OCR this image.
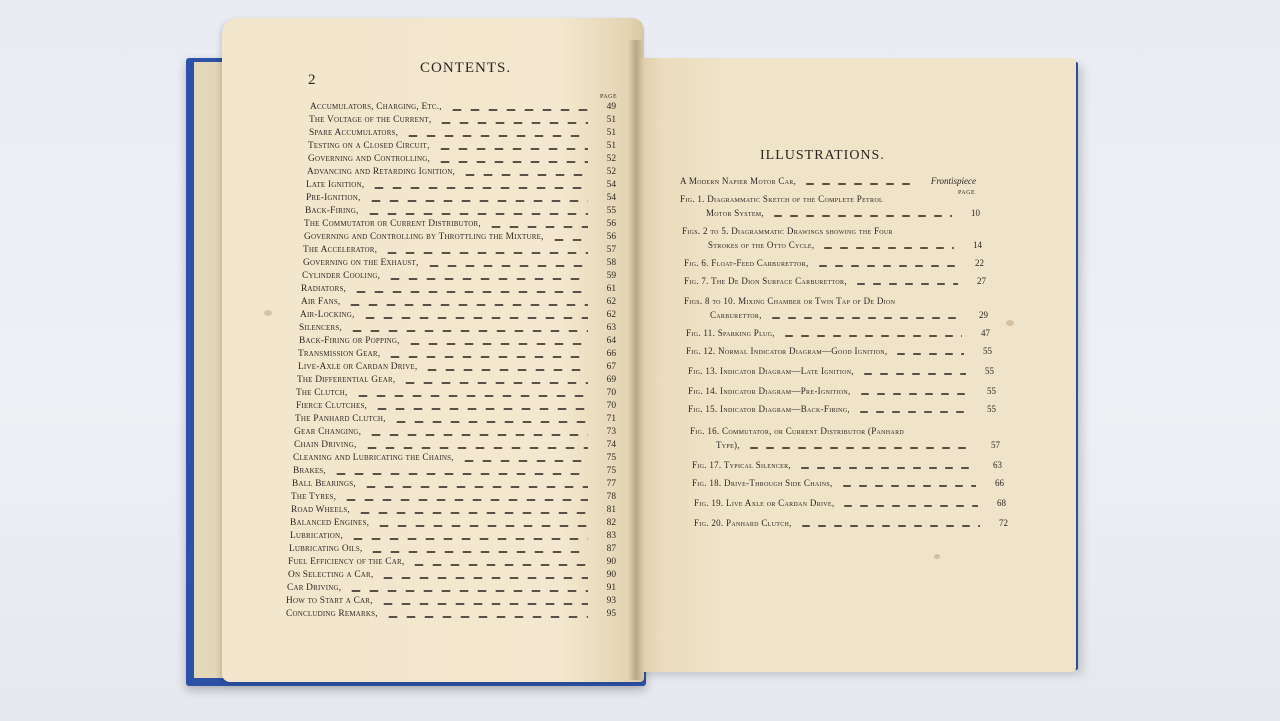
2
CONTENTS.
PAGE
Accumulators, Charging, Etc.,	49
The Voltage of the Current,	51
Spare Accumulators,	51
Testing on a Closed Circuit,	51
Governing and Controlling,	52
Advancing and Retarding Ignition,	52
Late Ignition,	54
Pre-Ignition,	54
Back-Firing,	55
The Commutator or Current Distributor,	56
Governing and Controlling by Throttling the Mixture,	56
The Accelerator,	57
Governing on the Exhaust,	58
Cylinder Cooling,	59
Radiators,	61
Air Fans,	62
Air-Locking,	62
Silencers,	63
Back-Firing or Popping,	64
Transmission Gear,	66
Live-Axle or Cardan Drive,	67
The Differential Gear,	69
The Clutch,	70
Fierce Clutches,	70
The Panhard Clutch,	71
Gear Changing,	73
Chain Driving,	74
Cleaning and Lubricating the Chains,	75
Brakes,	75
Ball Bearings,	77
The Tyres,	78
Road Wheels,	81
Balanced Engines,	82
Lubrication,	83
Lubricating Oils,	87
Fuel Efficiency of the Car,	90
On Selecting a Car,	90
Car Driving,	91
How to Start a Car,	93
Concluding Remarks,	95
ILLUSTRATIONS.
PAGE
A Modern Napier Motor Car,	Frontispiece
Fig. 1. Diagrammatic Sketch of the Complete Petrol
Motor System,	10
Figs. 2 to 5. Diagrammatic Drawings showing the Four
Strokes of the Otto Cycle,	14
Fig. 6. Float-Feed Carburettor,	22
Fig. 7. The De Dion Surface Carburettor,	27
Figs. 8 to 10. Mixing Chamber or Twin Tap of De Dion
Carburettor,	29
Fig. 11. Sparking Plug,	47
Fig. 12. Normal Indicator Diagram—Good Ignition,	55
Fig. 13. Indicator Diagram—Late Ignition,	55
Fig. 14. Indicator Diagram—Pre-Ignition,	55
Fig. 15. Indicator Diagram—Back-Firing,	55
Fig. 16. Commutator, or Current Distributor (Panhard
Type),	57
Fig. 17. Typical Silencer,	63
Fig. 18. Drive-Through Side Chains,	66
Fig. 19. Live Axle or Cardan Drive,	68
Fig. 20. Panhard Clutch,	72
